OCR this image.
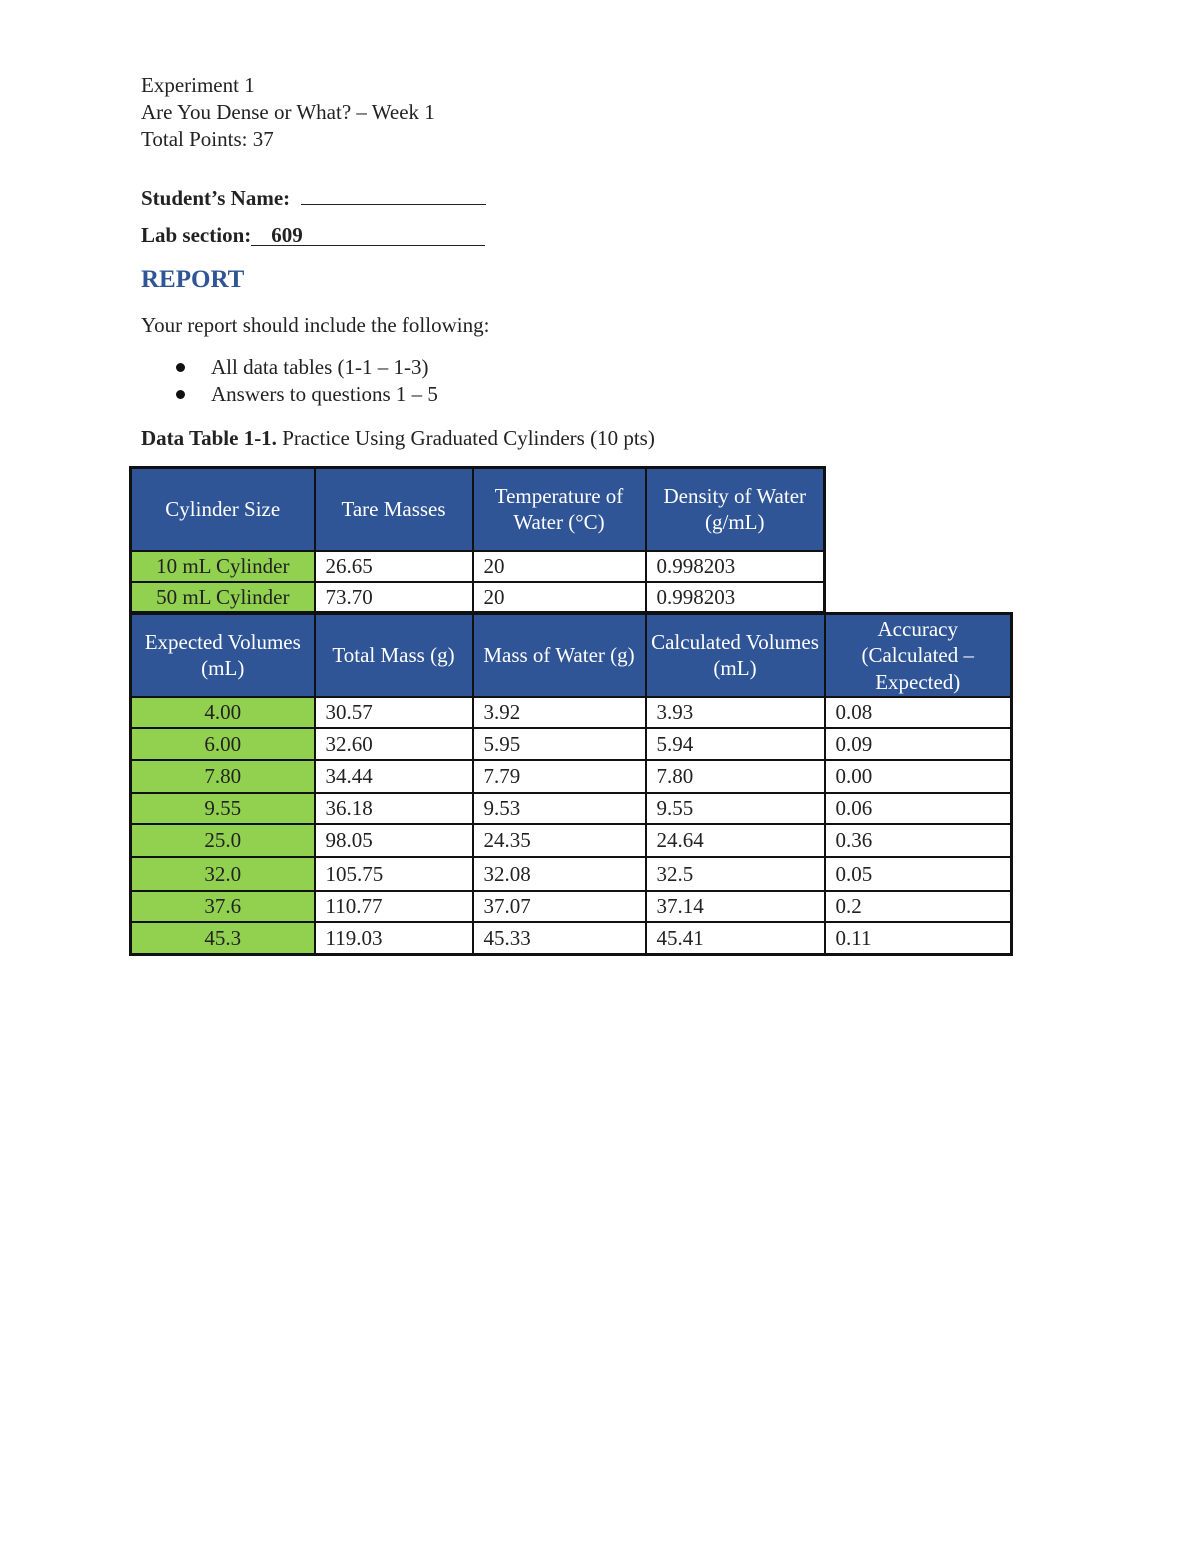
Experiment 1
Are You Dense or What? – Week 1
Total Points: 37
Student’s Name:
Lab section: 609
REPORT
Your report should include the following:
All data tables (1-1 – 1-3)
Answers to questions 1 – 5
Data Table 1-1. Practice Using Graduated Cylinders (10 pts)
Cylinder Size	Tare Masses	Temperature of Water (°C)	Density of Water (g/mL)
10 mL Cylinder	26.65	20	0.998203
50 mL Cylinder	73.70	20	0.998203
Expected Volumes (mL)	Total Mass (g)	Mass of Water (g)	Calculated Volumes (mL)	Accuracy (Calculated – Expected)
4.00	30.57	3.92	3.93	0.08
6.00	32.60	5.95	5.94	0.09
7.80	34.44	7.79	7.80	0.00
9.55	36.18	9.53	9.55	0.06
25.0	98.05	24.35	24.64	0.36
32.0	105.75	32.08	32.5	0.05
37.6	110.77	37.07	37.14	0.2
45.3	119.03	45.33	45.41	0.11
